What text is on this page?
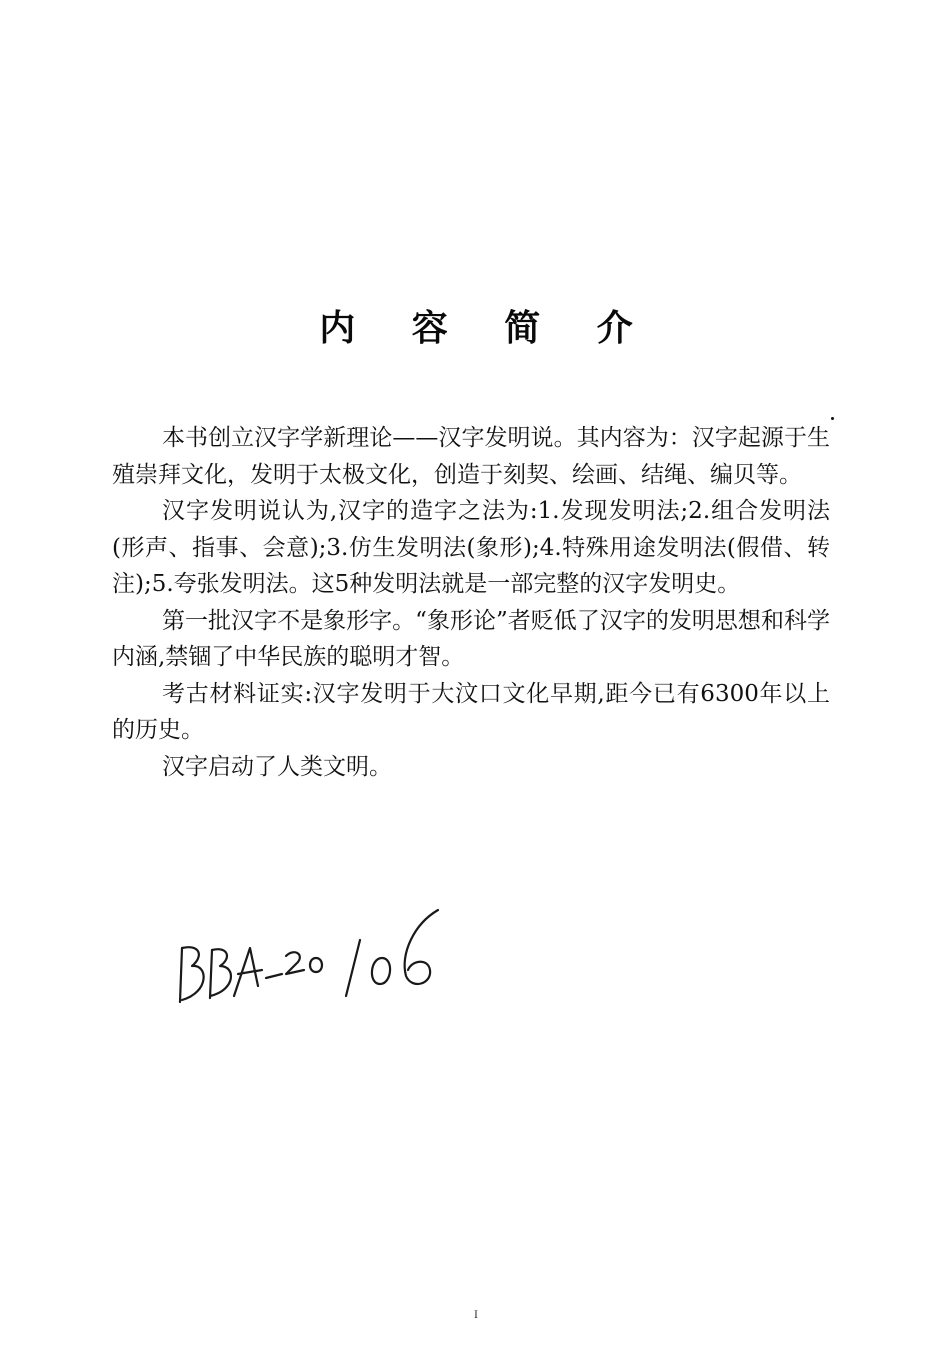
内 容 简 介

本书创立汉字学新理论——汉字发明说。其内容为：汉字起源于生殖崇拜文化，发明于太极文化，创造于刻契、绘画、结绳、编贝等。

汉字发明说认为,汉字的造字之法为:1.发现发明法;2.组合发明法(形声、指事、会意);3.仿生发明法(象形);4.特殊用途发明法(假借、转注);5.夸张发明法。这5种发明法就是一部完整的汉字发明史。

第一批汉字不是象形字。“象形论”者贬低了汉字的发明思想和科学内涵,禁锢了中华民族的聪明才智。

考古材料证实:汉字发明于大汶口文化早期,距今已有6300年以上的历史。

汉字启动了人类文明。

I
